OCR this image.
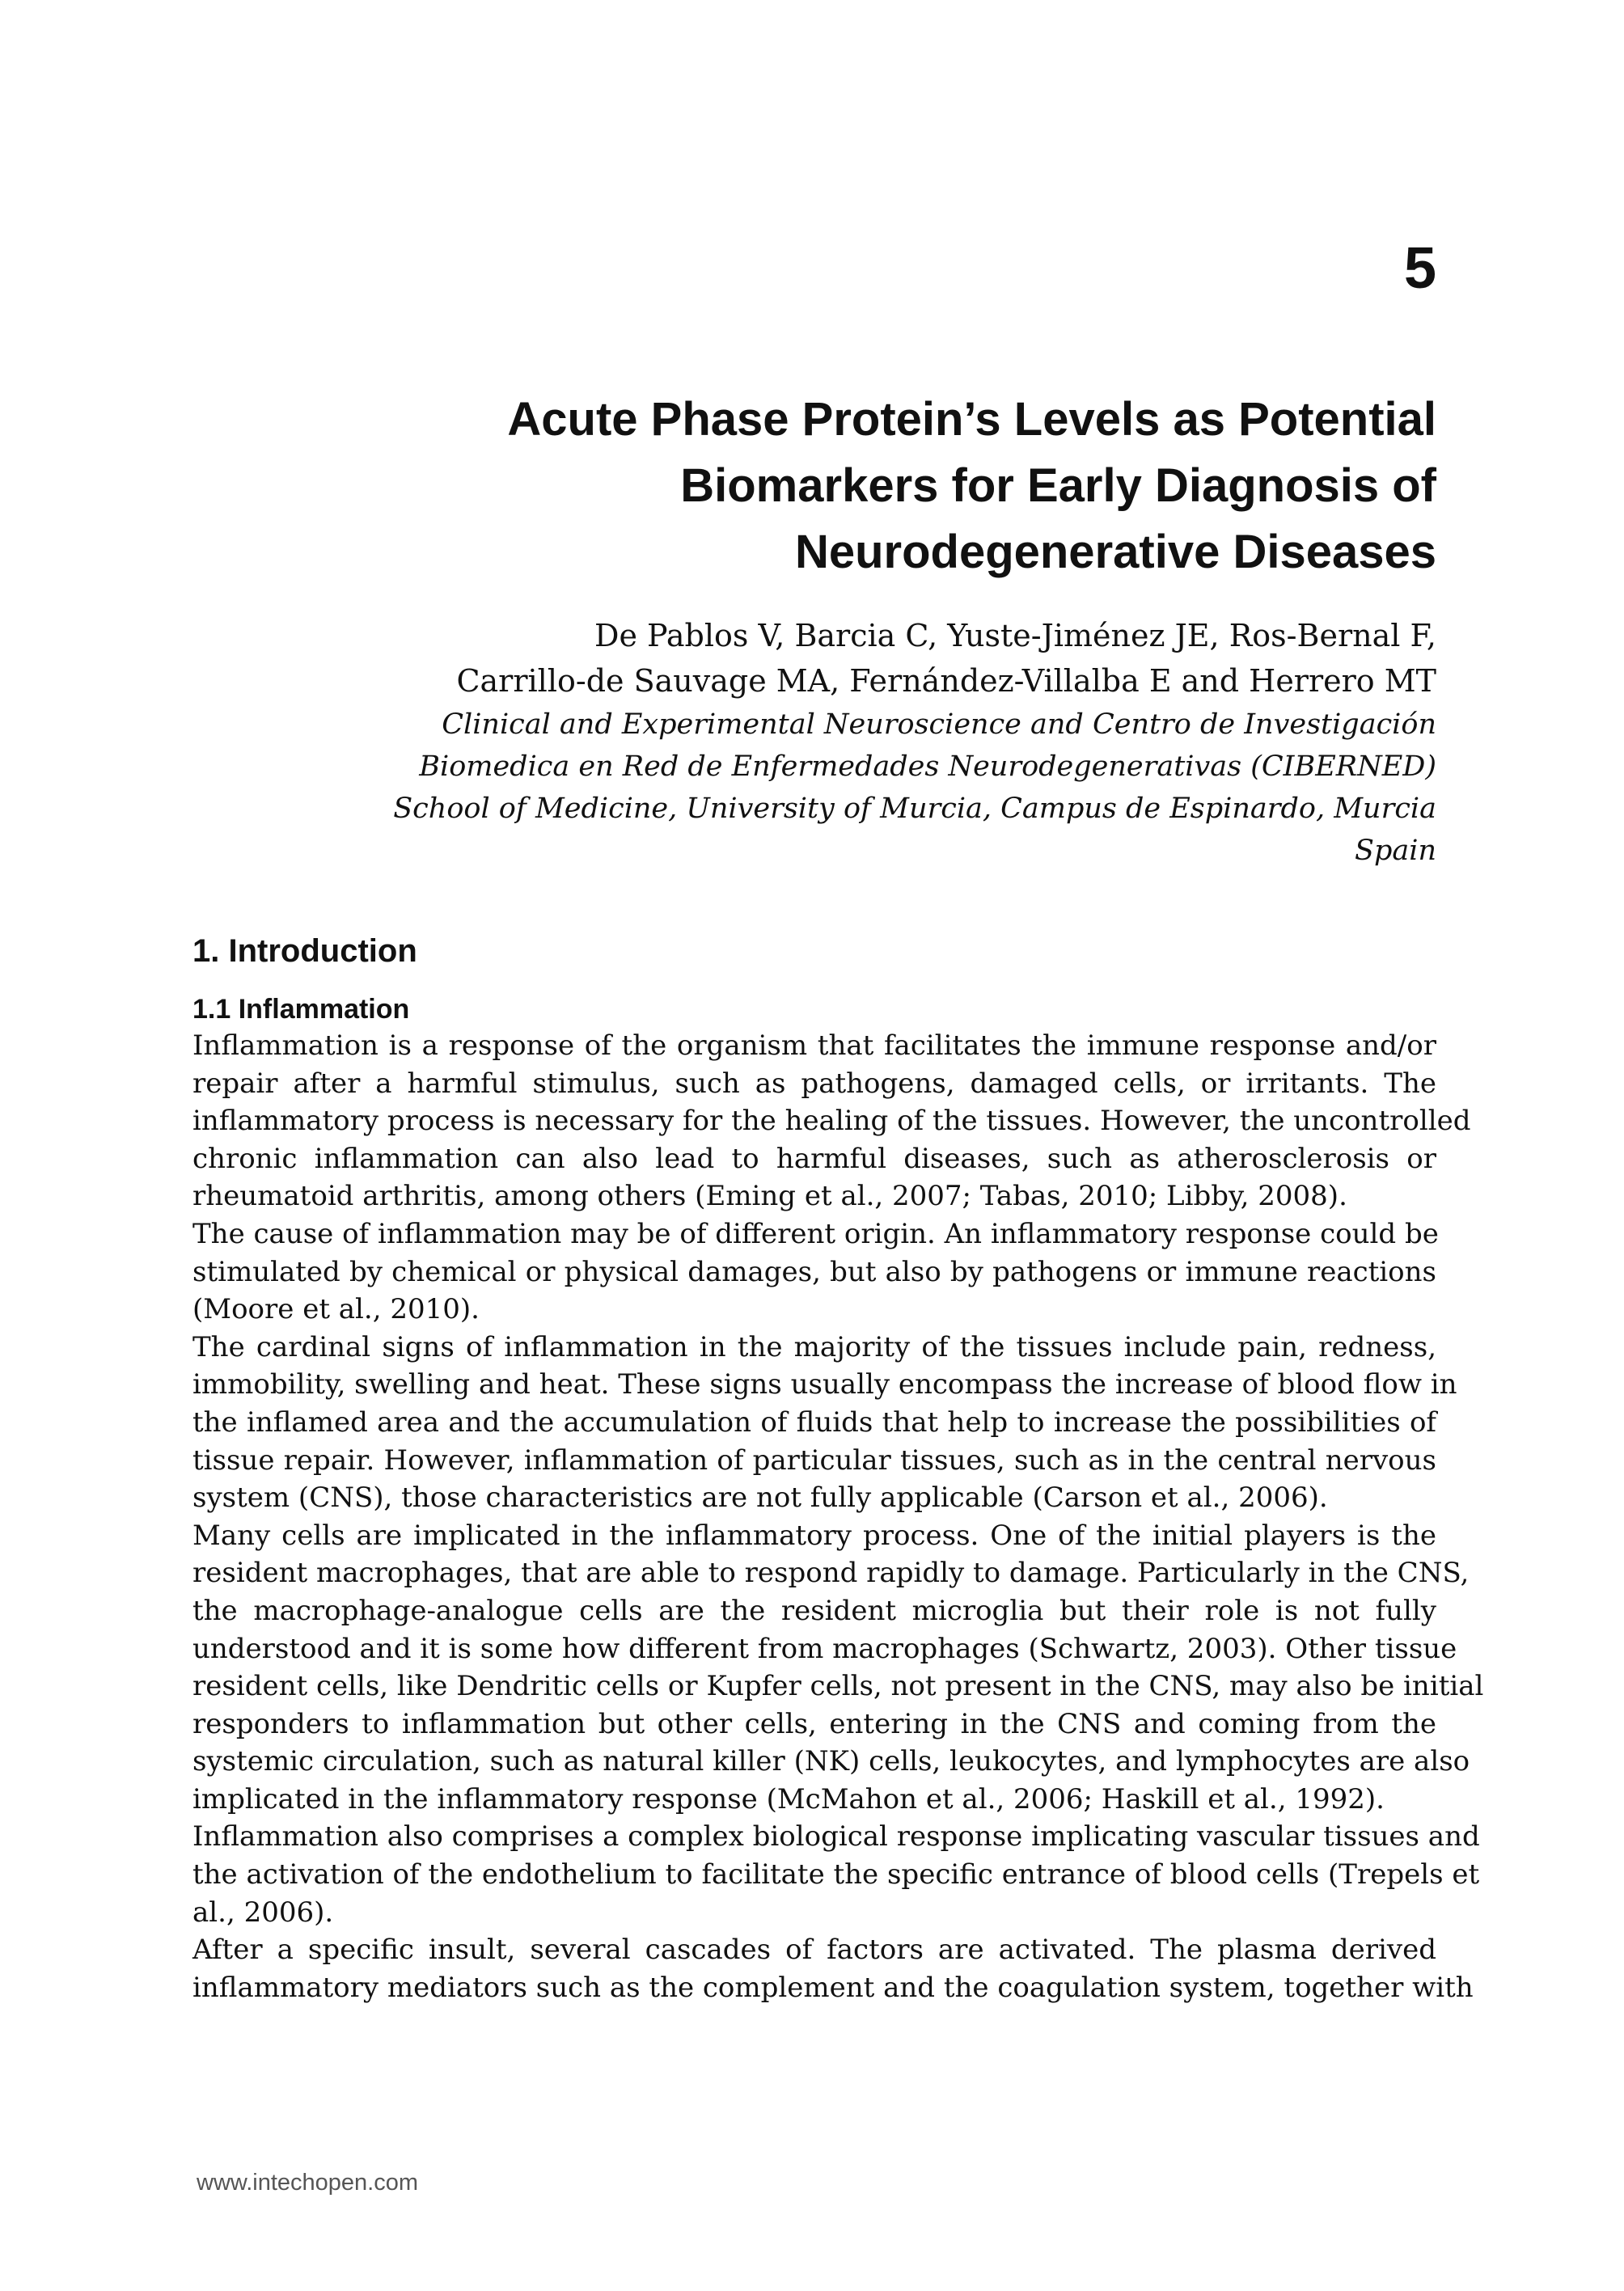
5
Acute Phase Protein’s Levels as Potential
Biomarkers for Early Diagnosis of
Neurodegenerative Diseases
De Pablos V, Barcia C, Yuste-Jiménez JE, Ros-Bernal F,
Carrillo-de Sauvage MA, Fernández-Villalba E and Herrero MT
Clinical and Experimental Neuroscience and Centro de Investigación
Biomedica en Red de Enfermedades Neurodegenerativas (CIBERNED)
School of Medicine, University of Murcia, Campus de Espinardo, Murcia
Spain
1. Introduction
1.1 Inflammation
Inflammation is a response of the organism that facilitates the immune response and/or
repair after a harmful stimulus, such as pathogens, damaged cells, or irritants. The
inflammatory process is necessary for the healing of the tissues. However, the uncontrolled
chronic inflammation can also lead to harmful diseases, such as atherosclerosis or
rheumatoid arthritis, among others (Eming et al., 2007; Tabas, 2010; Libby, 2008).
The cause of inflammation may be of different origin. An inflammatory response could be
stimulated by chemical or physical damages, but also by pathogens or immune reactions
(Moore et al., 2010).
The cardinal signs of inflammation in the majority of the tissues include pain, redness,
immobility, swelling and heat. These signs usually encompass the increase of blood flow in
the inflamed area and the accumulation of fluids that help to increase the possibilities of
tissue repair. However, inflammation of particular tissues, such as in the central nervous
system (CNS), those characteristics are not fully applicable (Carson et al., 2006).
Many cells are implicated in the inflammatory process. One of the initial players is the
resident macrophages, that are able to respond rapidly to damage. Particularly in the CNS,
the macrophage-analogue cells are the resident microglia but their role is not fully
understood and it is some how different from macrophages (Schwartz, 2003). Other tissue
resident cells, like Dendritic cells or Kupfer cells, not present in the CNS, may also be initial
responders to inflammation but other cells, entering in the CNS and coming from the
systemic circulation, such as natural killer (NK) cells, leukocytes, and lymphocytes are also
implicated in the inflammatory response (McMahon et al., 2006; Haskill et al., 1992).
Inflammation also comprises a complex biological response implicating vascular tissues and
the activation of the endothelium to facilitate the specific entrance of blood cells (Trepels et
al., 2006).
After a specific insult, several cascades of factors are activated. The plasma derived
inflammatory mediators such as the complement and the coagulation system, together with
www.intechopen.com
